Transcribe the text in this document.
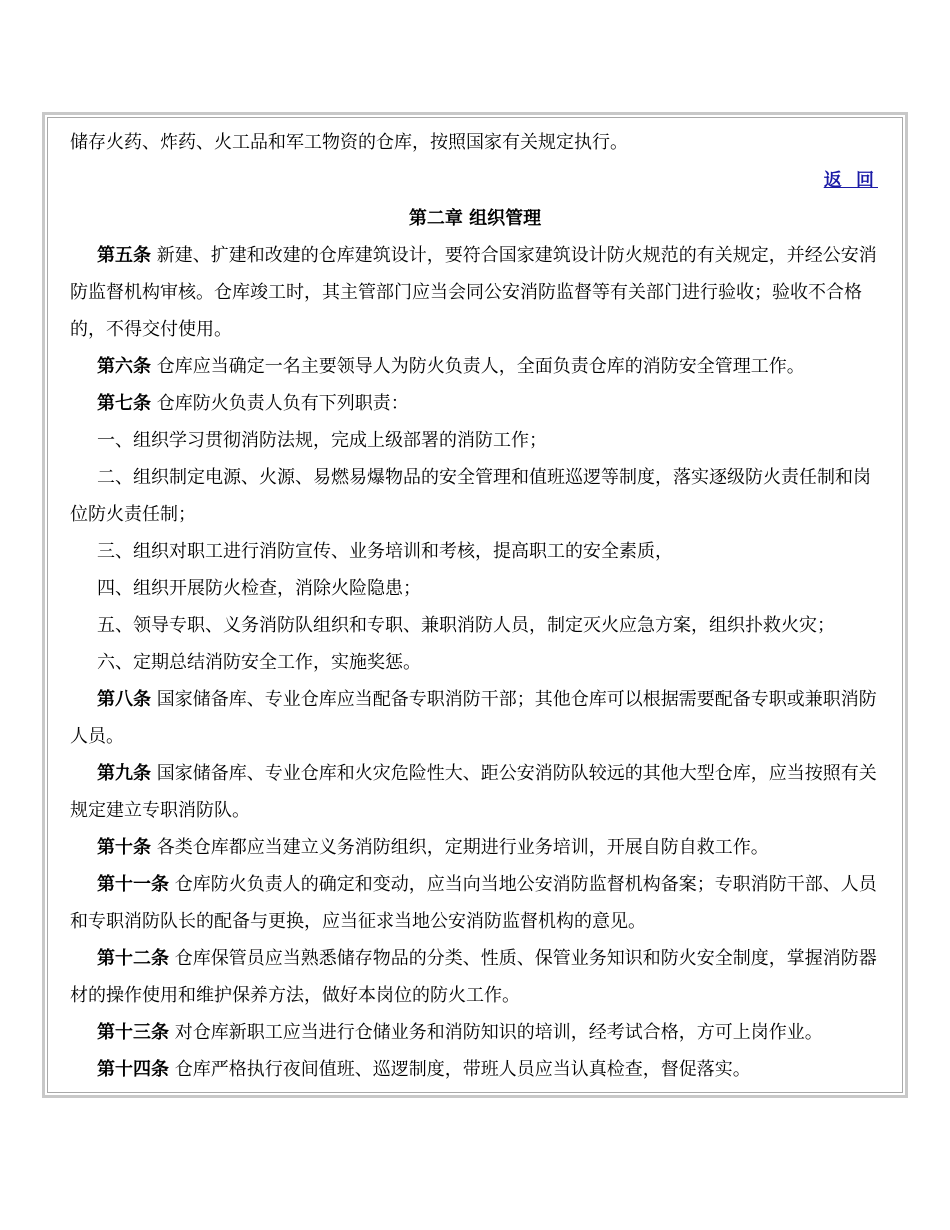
储存火药、炸药、火工品和军工物资的仓库，按照国家有关规定执行。

返 回

第二章 组织管理

第五条 新建、扩建和改建的仓库建筑设计，要符合国家建筑设计防火规范的有关规定，并经公安消防监督机构审核。仓库竣工时，其主管部门应当会同公安消防监督等有关部门进行验收；验收不合格的，不得交付使用。

第六条 仓库应当确定一名主要领导人为防火负责人，全面负责仓库的消防安全管理工作。

第七条 仓库防火负责人负有下列职责：

一、组织学习贯彻消防法规，完成上级部署的消防工作；

二、组织制定电源、火源、易燃易爆物品的安全管理和值班巡逻等制度，落实逐级防火责任制和岗位防火责任制；

三、组织对职工进行消防宣传、业务培训和考核，提高职工的安全素质，

四、组织开展防火检查，消除火险隐患；

五、领导专职、义务消防队组织和专职、兼职消防人员，制定灭火应急方案，组织扑救火灾；

六、定期总结消防安全工作，实施奖惩。

第八条 国家储备库、专业仓库应当配备专职消防干部；其他仓库可以根据需要配备专职或兼职消防人员。

第九条 国家储备库、专业仓库和火灾危险性大、距公安消防队较远的其他大型仓库，应当按照有关规定建立专职消防队。

第十条 各类仓库都应当建立义务消防组织，定期进行业务培训，开展自防自救工作。

第十一条 仓库防火负责人的确定和变动，应当向当地公安消防监督机构备案；专职消防干部、人员和专职消防队长的配备与更换，应当征求当地公安消防监督机构的意见。

第十二条 仓库保管员应当熟悉储存物品的分类、性质、保管业务知识和防火安全制度，掌握消防器材的操作使用和维护保养方法，做好本岗位的防火工作。

第十三条 对仓库新职工应当进行仓储业务和消防知识的培训，经考试合格，方可上岗作业。

第十四条 仓库严格执行夜间值班、巡逻制度，带班人员应当认真检查，督促落实。
